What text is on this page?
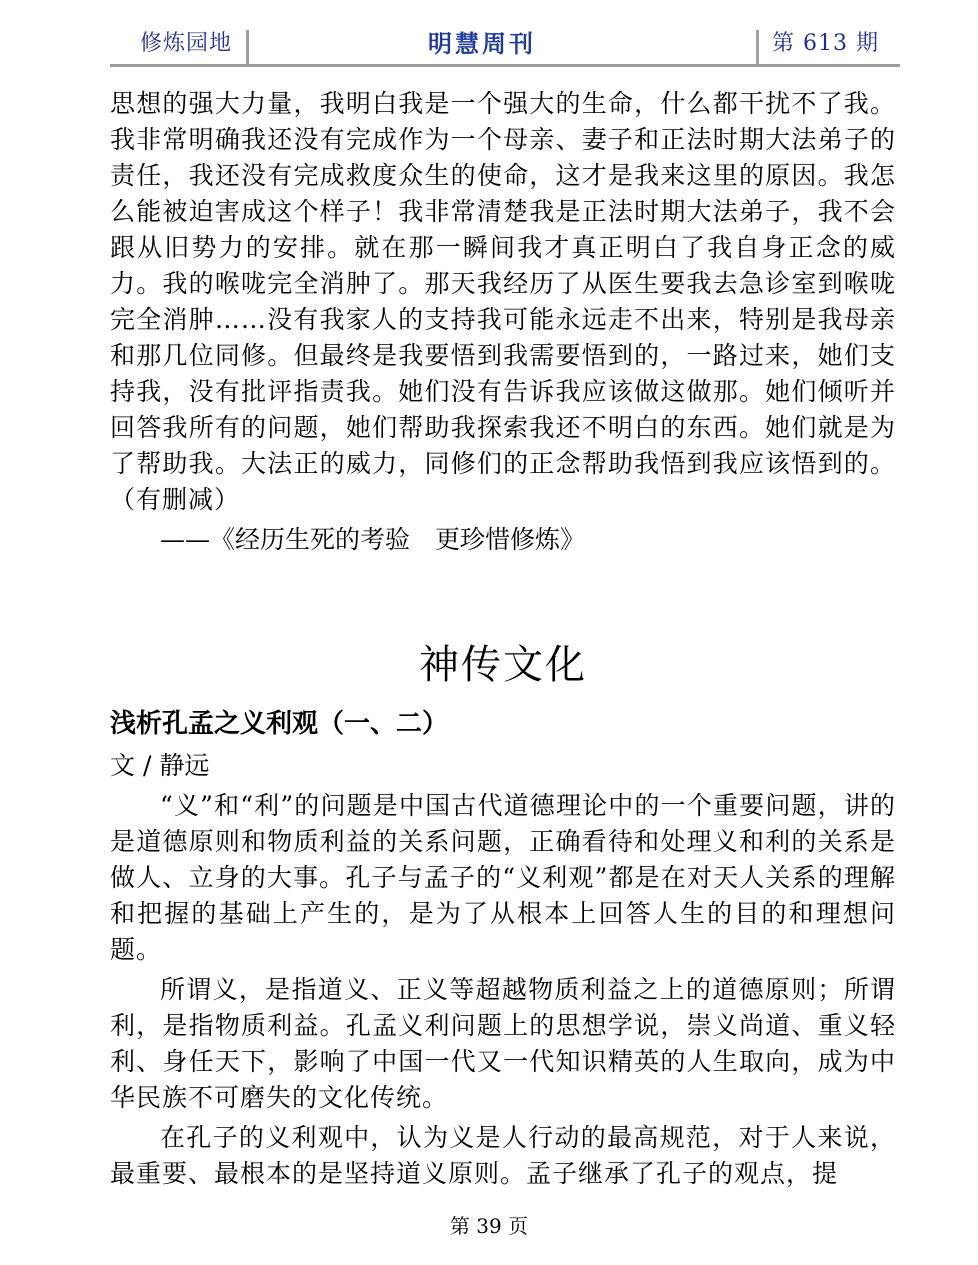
修炼园地	明慧周刊	第 613 期

思想的强大力量，我明白我是一个强大的生命，什么都干扰不了我。我非常明确我还没有完成作为一个母亲、妻子和正法时期大法弟子的责任，我还没有完成救度众生的使命，这才是我来这里的原因。我怎么能被迫害成这个样子！我非常清楚我是正法时期大法弟子，我不会跟从旧势力的安排。就在那一瞬间我才真正明白了我自身正念的威力。我的喉咙完全消肿了。那天我经历了从医生要我去急诊室到喉咙完全消肿……没有我家人的支持我可能永远走不出来，特别是我母亲和那几位同修。但最终是我要悟到我需要悟到的，一路过来，她们支持我，没有批评指责我。她们没有告诉我应该做这做那。她们倾听并回答我所有的问题，她们帮助我探索我还不明白的东西。她们就是为了帮助我。大法正的威力，同修们的正念帮助我悟到我应该悟到的。（有删减）

——《经历生死的考验　更珍惜修炼》
神传文化
浅析孔孟之义利观（一、二）
文 / 静远

“义”和“利”的问题是中国古代道德理论中的一个重要问题，讲的是道德原则和物质利益的关系问题，正确看待和处理义和利的关系是做人、立身的大事。孔子与孟子的“义利观”都是在对天人关系的理解和把握的基础上产生的，是为了从根本上回答人生的目的和理想问题。

所谓义，是指道义、正义等超越物质利益之上的道德原则；所谓利，是指物质利益。孔孟义利问题上的思想学说，崇义尚道、重义轻利、身任天下，影响了中国一代又一代知识精英的人生取向，成为中华民族不可磨失的文化传统。

在孔子的义利观中，认为义是人行动的最高规范，对于人来说，最重要、最根本的是坚持道义原则。孟子继承了孔子的观点，提

第 39 页
